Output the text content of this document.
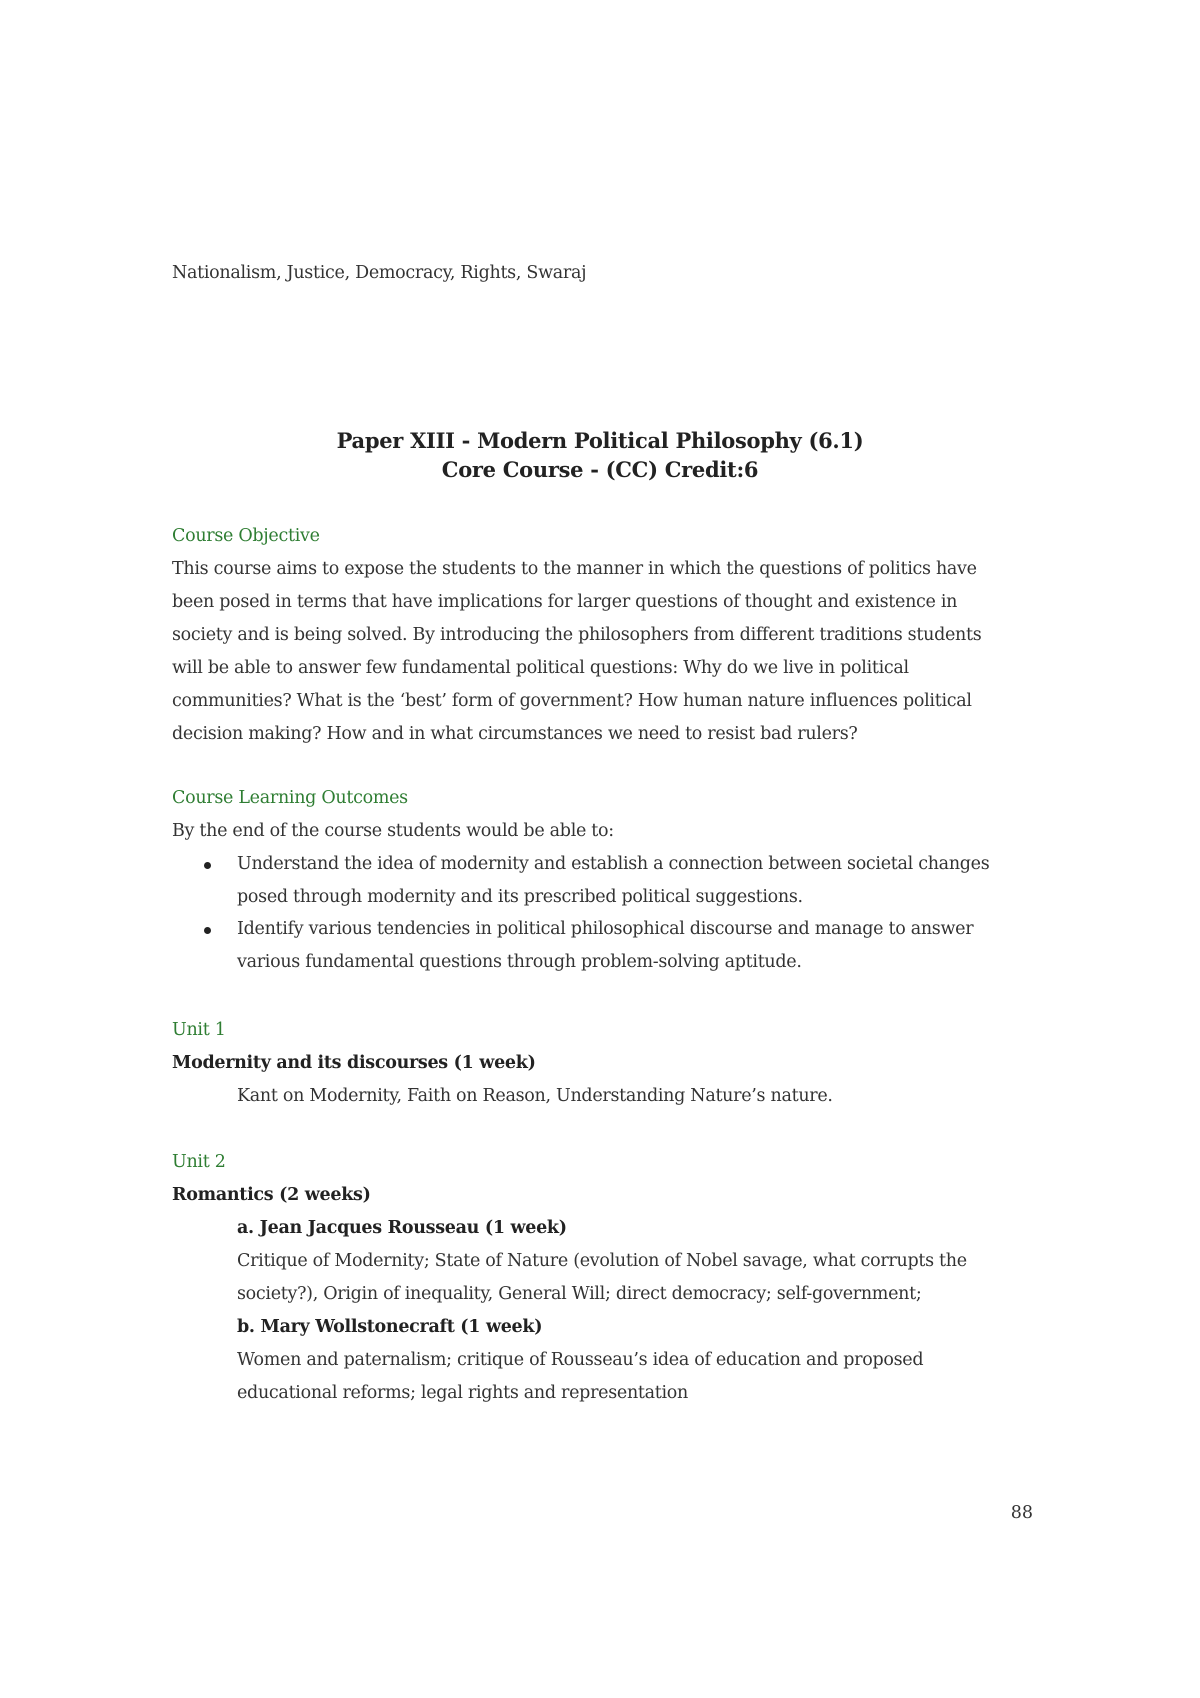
Nationalism, Justice, Democracy, Rights, Swaraj
Paper XIII - Modern Political Philosophy (6.1)
Core Course - (CC) Credit:6
Course Objective
This course aims to expose the students to the manner in which the questions of politics have
been posed in terms that have implications for larger questions of thought and existence in
society and is being solved. By introducing the philosophers from different traditions students
will be able to answer few fundamental political questions: Why do we live in political
communities? What is the ‘best’ form of government? How human nature influences political
decision making? How and in what circumstances we need to resist bad rulers?
Course Learning Outcomes
By the end of the course students would be able to:
Understand the idea of modernity and establish a connection between societal changes
posed through modernity and its prescribed political suggestions.
Identify various tendencies in political philosophical discourse and manage to answer
various fundamental questions through problem-solving aptitude.
Unit 1
Modernity and its discourses (1 week)
Kant on Modernity, Faith on Reason, Understanding Nature’s nature.
Unit 2
Romantics (2 weeks)
a. Jean Jacques Rousseau (1 week)
Critique of Modernity; State of Nature (evolution of Nobel savage, what corrupts the
society?), Origin of inequality, General Will; direct democracy; self-government;
b. Mary Wollstonecraft (1 week)
Women and paternalism; critique of Rousseau’s idea of education and proposed
educational reforms; legal rights and representation
88
